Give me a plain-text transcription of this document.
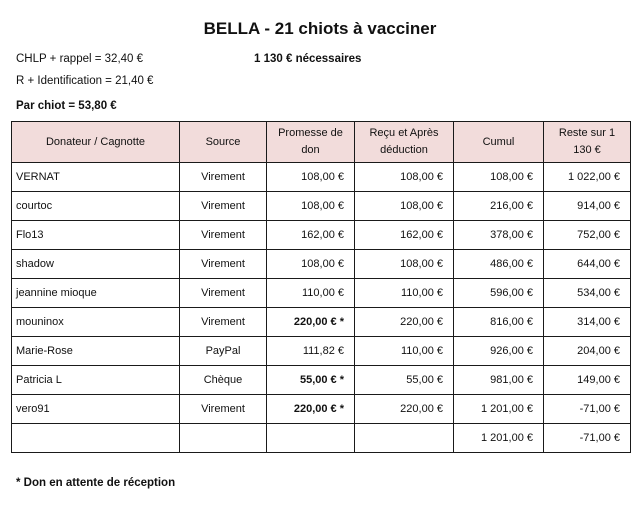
BELLA - 21 chiots à vacciner
CHLP + rappel = 32,40 €	1 130 € nécessaires
R + Identification = 21,40 €
Par chiot = 53,80 €
Donateur / Cagnotte	Source	Promesse de don	Reçu et Après déduction	Cumul	Reste sur 1 130 €
VERNAT	Virement	108,00 €	108,00 €	108,00 €	1 022,00 €
courtoc	Virement	108,00 €	108,00 €	216,00 €	914,00 €
Flo13	Virement	162,00 €	162,00 €	378,00 €	752,00 €
shadow	Virement	108,00 €	108,00 €	486,00 €	644,00 €
jeannine mioque	Virement	110,00 €	110,00 €	596,00 €	534,00 €
mouninox	Virement	220,00 € *	220,00 €	816,00 €	314,00 €
Marie-Rose	PayPal	111,82 €	110,00 €	926,00 €	204,00 €
Patricia L	Chèque	55,00 € *	55,00 €	981,00 €	149,00 €
vero91	Virement	220,00 € *	220,00 €	1 201,00 €	-71,00 €
				1 201,00 €	-71,00 €
* Don en attente de réception
